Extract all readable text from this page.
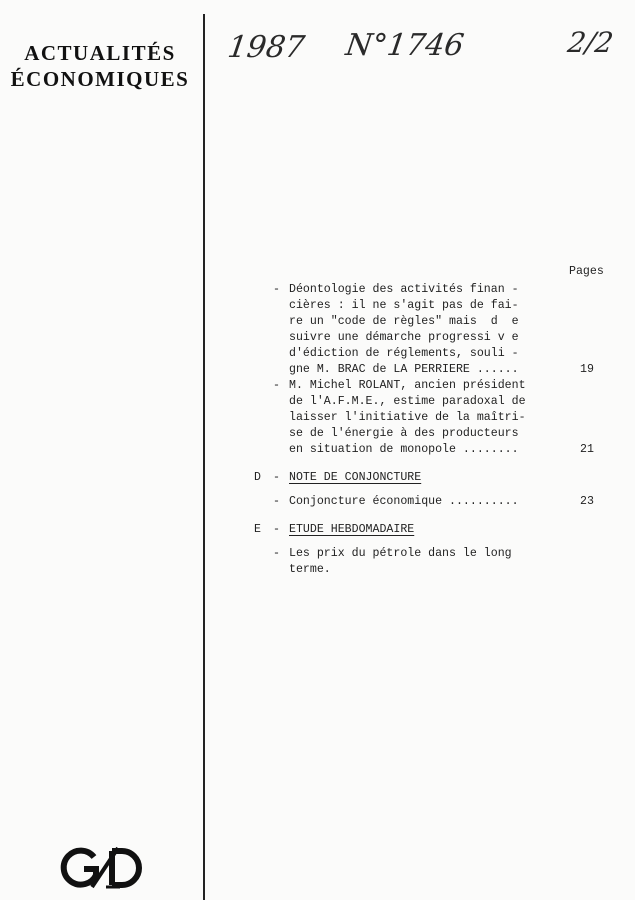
ACTUALITÉS
ÉCONOMIQUES
1987 N°1746	2/2
Pages
- Déontologie des activités finan -
cières : il ne s'agit pas de fai-
re un "code de règles" mais  d  e
suivre une démarche progressi v e
d'édiction de réglements, souli -
gne M. BRAC de LA PERRIERE ......	19
- M. Michel ROLANT, ancien président
de l'A.F.M.E., estime paradoxal de
laisser l'initiative de la maîtri-
se de l'énergie à des producteurs
en situation de monopole ........	21
D - NOTE DE CONJONCTURE
- Conjoncture économique ..........	23
E - ETUDE HEBDOMADAIRE
- Les prix du pétrole dans le long
terme.
